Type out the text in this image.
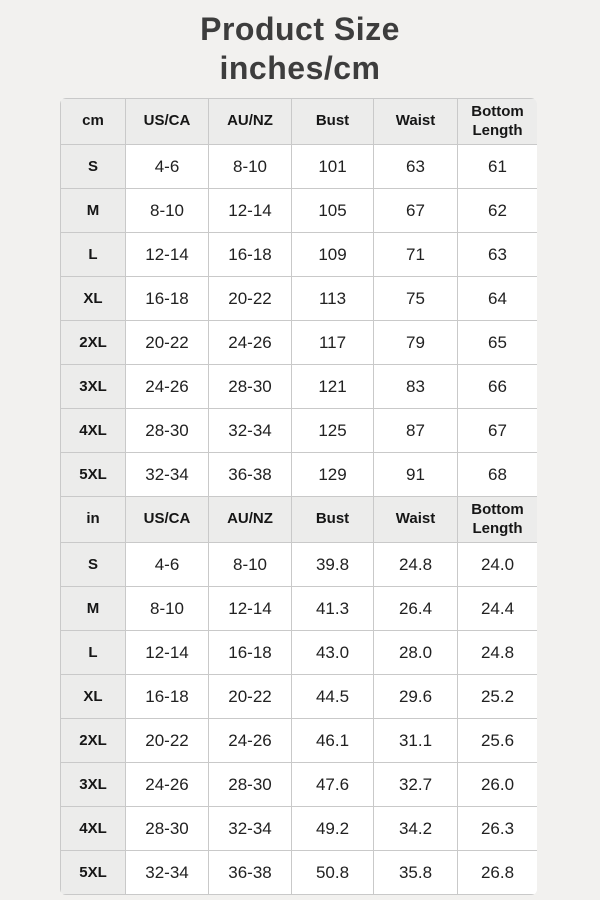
Product Size
inches/cm
cm	US/CA	AU/NZ	Bust	Waist	Bottom Length
S	4-6	8-10	101	63	61
M	8-10	12-14	105	67	62
L	12-14	16-18	109	71	63
XL	16-18	20-22	113	75	64
2XL	20-22	24-26	117	79	65
3XL	24-26	28-30	121	83	66
4XL	28-30	32-34	125	87	67
5XL	32-34	36-38	129	91	68
in	US/CA	AU/NZ	Bust	Waist	Bottom Length
S	4-6	8-10	39.8	24.8	24.0
M	8-10	12-14	41.3	26.4	24.4
L	12-14	16-18	43.0	28.0	24.8
XL	16-18	20-22	44.5	29.6	25.2
2XL	20-22	24-26	46.1	31.1	25.6
3XL	24-26	28-30	47.6	32.7	26.0
4XL	28-30	32-34	49.2	34.2	26.3
5XL	32-34	36-38	50.8	35.8	26.8
